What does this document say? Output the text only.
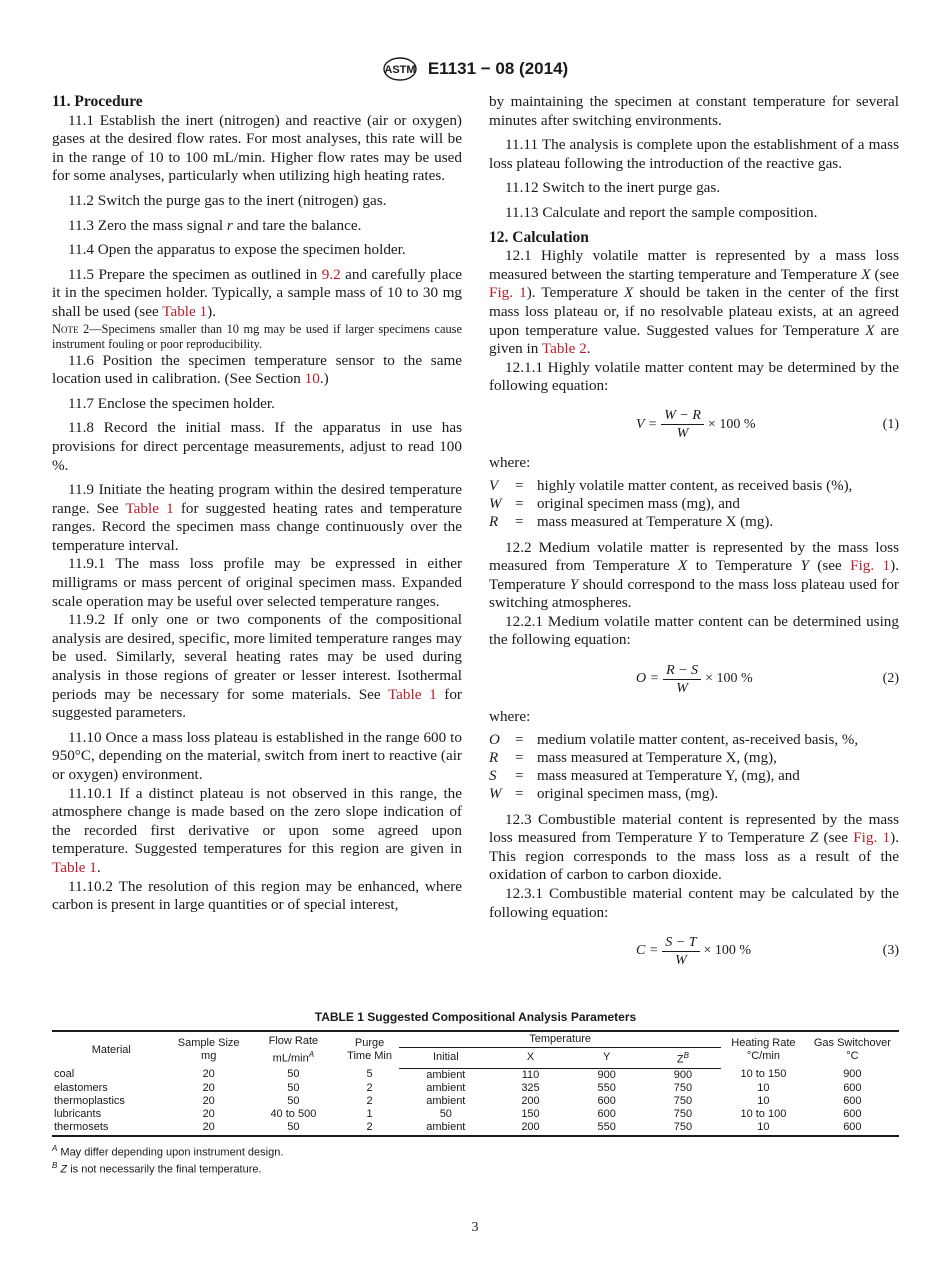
ASTM E1131 − 08 (2014)

11. Procedure

11.1 Establish the inert (nitrogen) and reactive (air or oxygen) gases at the desired flow rates. For most analyses, this rate will be in the range of 10 to 100 mL/min. Higher flow rates may be used for some analyses, particularly when utilizing high heating rates.

11.2 Switch the purge gas to the inert (nitrogen) gas.

11.3 Zero the mass signal r and tare the balance.

11.4 Open the apparatus to expose the specimen holder.

11.5 Prepare the specimen as outlined in 9.2 and carefully place it in the specimen holder. Typically, a sample mass of 10 to 30 mg shall be used (see Table 1).

Note 2—Specimens smaller than 10 mg may be used if larger specimens cause instrument fouling or poor reproducibility.

11.6 Position the specimen temperature sensor to the same location used in calibration. (See Section 10.)

11.7 Enclose the specimen holder.

11.8 Record the initial mass. If the apparatus in use has provisions for direct percentage measurements, adjust to read 100 %.

11.9 Initiate the heating program within the desired temperature range. See Table 1 for suggested heating rates and temperature ranges. Record the specimen mass change continuously over the temperature interval.

11.9.1 The mass loss profile may be expressed in either milligrams or mass percent of original specimen mass. Expanded scale operation may be useful over selected temperature ranges.

11.9.2 If only one or two components of the compositional analysis are desired, specific, more limited temperature ranges may be used. Similarly, several heating rates may be used during analysis in those regions of greater or lesser interest. Isothermal periods may be necessary for some materials. See Table 1 for suggested parameters.

11.10 Once a mass loss plateau is established in the range 600 to 950°C, depending on the material, switch from inert to reactive (air or oxygen) environment.

11.10.1 If a distinct plateau is not observed in this range, the atmosphere change is made based on the zero slope indication of the recorded first derivative or upon some agreed upon temperature. Suggested temperatures for this region are given in Table 1.

11.10.2 The resolution of this region may be enhanced, where carbon is present in large quantities or of special interest,

by maintaining the specimen at constant temperature for several minutes after switching environments.

11.11 The analysis is complete upon the establishment of a mass loss plateau following the introduction of the reactive gas.

11.12 Switch to the inert purge gas.

11.13 Calculate and report the sample composition.

12. Calculation

12.1 Highly volatile matter is represented by a mass loss measured between the starting temperature and Temperature X (see Fig. 1). Temperature X should be taken in the center of the first mass loss plateau or, if no resolvable plateau exists, at an agreed upon temperature value. Suggested values for Temperature X are given in Table 2.

12.1.1 Highly volatile matter content may be determined by the following equation:

$V = \frac{W - R}{W} \times 100$ %	(1)

where:

V	= highly volatile matter content, as received basis (%),
W = original specimen mass (mg), and
R	= mass measured at Temperature X (mg).

12.2 Medium volatile matter is represented by the mass loss measured from Temperature X to Temperature Y (see Fig. 1). Temperature Y should correspond to the mass loss plateau used for switching atmospheres.

12.2.1 Medium volatile matter content can be determined using the following equation:

$O = \frac{R - S}{W} \times 100$ %	(2)

where:

O	= medium volatile matter content, as-received basis, %,
R	= mass measured at Temperature X, (mg),
S	= mass measured at Temperature Y, (mg), and
W = original specimen mass, (mg).

12.3 Combustible material content is represented by the mass loss measured from Temperature Y to Temperature Z (see Fig. 1). This region corresponds to the mass loss as a result of the oxidation of carbon to carbon dioxide.

12.3.1 Combustible material content may be calculated by the following equation:

$C = \frac{S - T}{W} \times 100$ %	(3)
TABLE 1 Suggested Compositional Analysis Parameters
Material	Sample Size mg	Flow Rate $mL/\min^A$	Purge Time Min	Temperature				Heating Rate °C/min	Gas Switchover °C
				Initial	X	Y	$Z^B$
coal	20	50	5	ambient	110	900	900	10 to 150	900
elastomers	20	50	2	ambient	325	550	750	10	600
thermoplastics	20	50	2	ambient	200	600	750	10	600
lubricants	20	40 to 500	1	50	150	600	750	10 to 100	600
thermosets	20	50	2	ambient	200	550	750	10	600
$^A$ May differ depending upon instrument design.
$^B$ Z is not necessarily the final temperature.
3
